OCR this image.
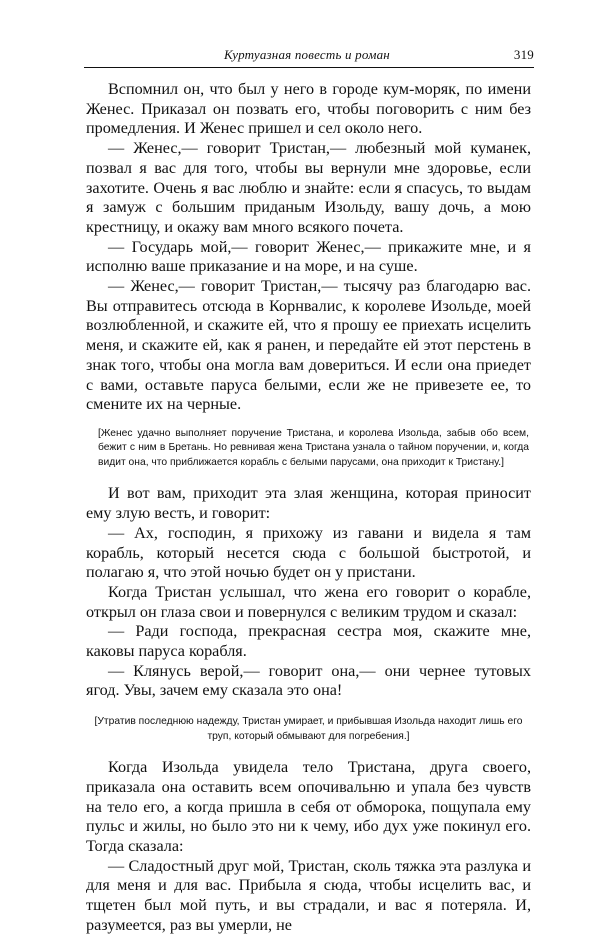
Куртуазная повесть и роман	319

Вспомнил он, что был у него в городе кум-моряк, по имени Женес. Приказал он позвать его, чтобы поговорить с ним без промедления. И Женес пришел и сел около него.

— Женес,— говорит Тристан,— любезный мой куманек, позвал я вас для того, чтобы вы вернули мне здоровье, если захотите. Очень я вас люблю и знайте: если я спасусь, то выдам я замуж с большим приданым Изольду, вашу дочь, а мою крестницу, и окажу вам много всякого почета.

— Государь мой,— говорит Женес,— прикажите мне, и я исполню ваше приказание и на море, и на суше.

— Женес,— говорит Тристан,— тысячу раз благодарю вас. Вы отправитесь отсюда в Корнвалис, к королеве Изольде, моей возлюбленной, и скажите ей, что я прошу ее приехать исцелить меня, и скажите ей, как я ранен, и передайте ей этот перстень в знак того, чтобы она могла вам довериться. И если она приедет с вами, оставьте паруса белыми, если же не привезете ее, то смените их на черные.

[Женес удачно выполняет поручение Тристана, и королева Изольда, забыв обо всем, бежит с ним в Бретань. Но ревнивая жена Тристана узнала о тайном поручении, и, когда видит она, что приближается корабль с белыми парусами, она приходит к Тристану.]

И вот вам, приходит эта злая женщина, которая приносит ему злую весть, и говорит:

— Ах, господин, я прихожу из гавани и видела я там корабль, который несется сюда с большой быстротой, и полагаю я, что этой ночью будет он у пристани.

Когда Тристан услышал, что жена его говорит о корабле, открыл он глаза свои и повернулся с великим трудом и сказал:

— Ради господа, прекрасная сестра моя, скажите мне, каковы паруса корабля.

— Клянусь верой,— говорит она,— они чернее тутовых ягод. Увы, зачем ему сказала это она!

[Утратив последнюю надежду, Тристан умирает, и прибывшая Изольда находит лишь его труп, который обмывают для погребения.]

Когда Изольда увидела тело Тристана, друга своего, приказала она оставить всем опочивальню и упала без чувств на тело его, а когда пришла в себя от обморока, пощупала ему пульс и жилы, но было это ни к чему, ибо дух уже покинул его. Тогда сказала:

— Сладостный друг мой, Тристан, сколь тяжка эта разлука и для меня и для вас. Прибыла я сюда, чтобы исцелить вас, и тщетен был мой путь, и вы страдали, и вас я потеряла. И, разумеется, раз вы умерли, не
